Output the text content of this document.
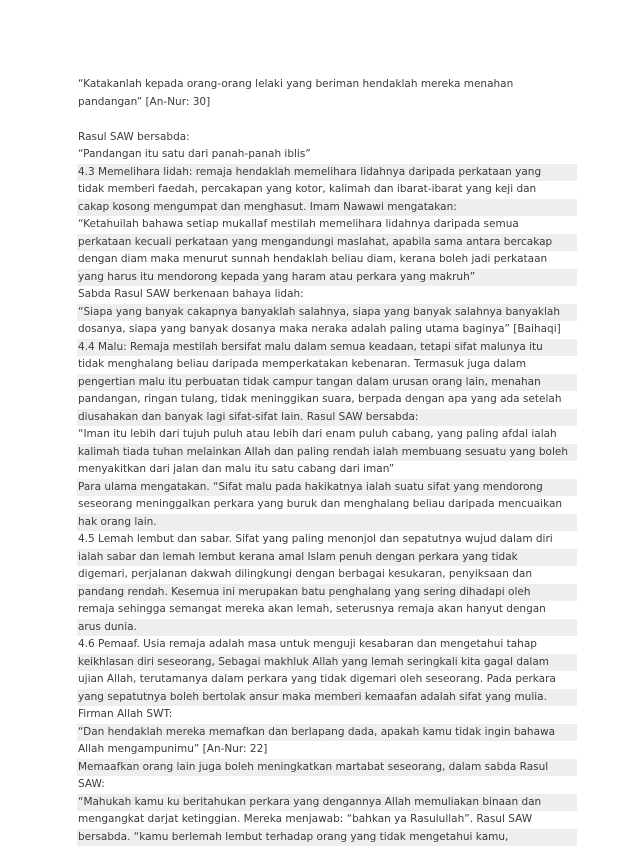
“Katakanlah kepada orang-orang lelaki yang beriman hendaklah mereka menahan
pandangan” [An-Nur: 30]
Rasul SAW bersabda:
“Pandangan itu satu dari panah-panah iblis”
4.3 Memelihara lidah: remaja hendaklah memelihara lidahnya daripada perkataan yang
tidak memberi faedah, percakapan yang kotor, kalimah dan ibarat-ibarat yang keji dan
cakap kosong mengumpat dan menghasut. Imam Nawawi mengatakan:
“Ketahuilah bahawa setiap mukallaf mestilah memelihara lidahnya daripada semua
perkataan kecuali perkataan yang mengandungi maslahat, apabila sama antara bercakap
dengan diam maka menurut sunnah hendaklah beliau diam, kerana boleh jadi perkataan
yang harus itu mendorong kepada yang haram atau perkara yang makruh”
Sabda Rasul SAW berkenaan bahaya lidah:
“Siapa yang banyak cakapnya banyaklah salahnya, siapa yang banyak salahnya banyaklah
dosanya, siapa yang banyak dosanya maka neraka adalah paling utama baginya” [Baihaqi]
4.4 Malu: Remaja mestilah bersifat malu dalam semua keadaan, tetapi sifat malunya itu
tidak menghalang beliau daripada memperkatakan kebenaran. Termasuk juga dalam
pengertian malu itu perbuatan tidak campur tangan dalam urusan orang lain, menahan
pandangan, ringan tulang, tidak meninggikan suara, berpada dengan apa yang ada setelah
diusahakan dan banyak lagi sifat-sifat lain. Rasul SAW bersabda:
“Iman itu lebih dari tujuh puluh atau lebih dari enam puluh cabang, yang paling afdal ialah
kalimah tiada tuhan melainkan Allah dan paling rendah ialah membuang sesuatu yang boleh
menyakitkan dari jalan dan malu itu satu cabang dari iman”
Para ulama mengatakan. “Sifat malu pada hakikatnya ialah suatu sifat yang mendorong
seseorang meninggalkan perkara yang buruk dan menghalang beliau daripada mencuaikan
hak orang lain.
4.5 Lemah lembut dan sabar. Sifat yang paling menonjol dan sepatutnya wujud dalam diri
ialah sabar dan lemah lembut kerana amal Islam penuh dengan perkara yang tidak
digemari, perjalanan dakwah dilingkungi dengan berbagai kesukaran, penyiksaan dan
pandang rendah. Kesemua ini merupakan batu penghalang yang sering dihadapi oleh
remaja sehingga semangat mereka akan lemah, seterusnya remaja akan hanyut dengan
arus dunia.
4.6 Pemaaf. Usia remaja adalah masa untuk menguji kesabaran dan mengetahui tahap
keikhlasan diri seseorang, Sebagai makhluk Allah yang lemah seringkali kita gagal dalam
ujian Allah, terutamanya dalam perkara yang tidak digemari oleh seseorang. Pada perkara
yang sepatutnya boleh bertolak ansur maka memberi kemaafan adalah sifat yang mulia.
Firman Allah SWT:
“Dan hendaklah mereka memafkan dan berlapang dada, apakah kamu tidak ingin bahawa
Allah mengampunimu” [An-Nur: 22]
Memaafkan orang lain juga boleh meningkatkan martabat seseorang, dalam sabda Rasul
SAW:
“Mahukah kamu ku beritahukan perkara yang dengannya Allah memuliakan binaan dan
mengangkat darjat ketinggian. Mereka menjawab: “bahkan ya Rasulullah”. Rasul SAW
bersabda. “kamu berlemah lembut terhadap orang yang tidak mengetahui kamu,
